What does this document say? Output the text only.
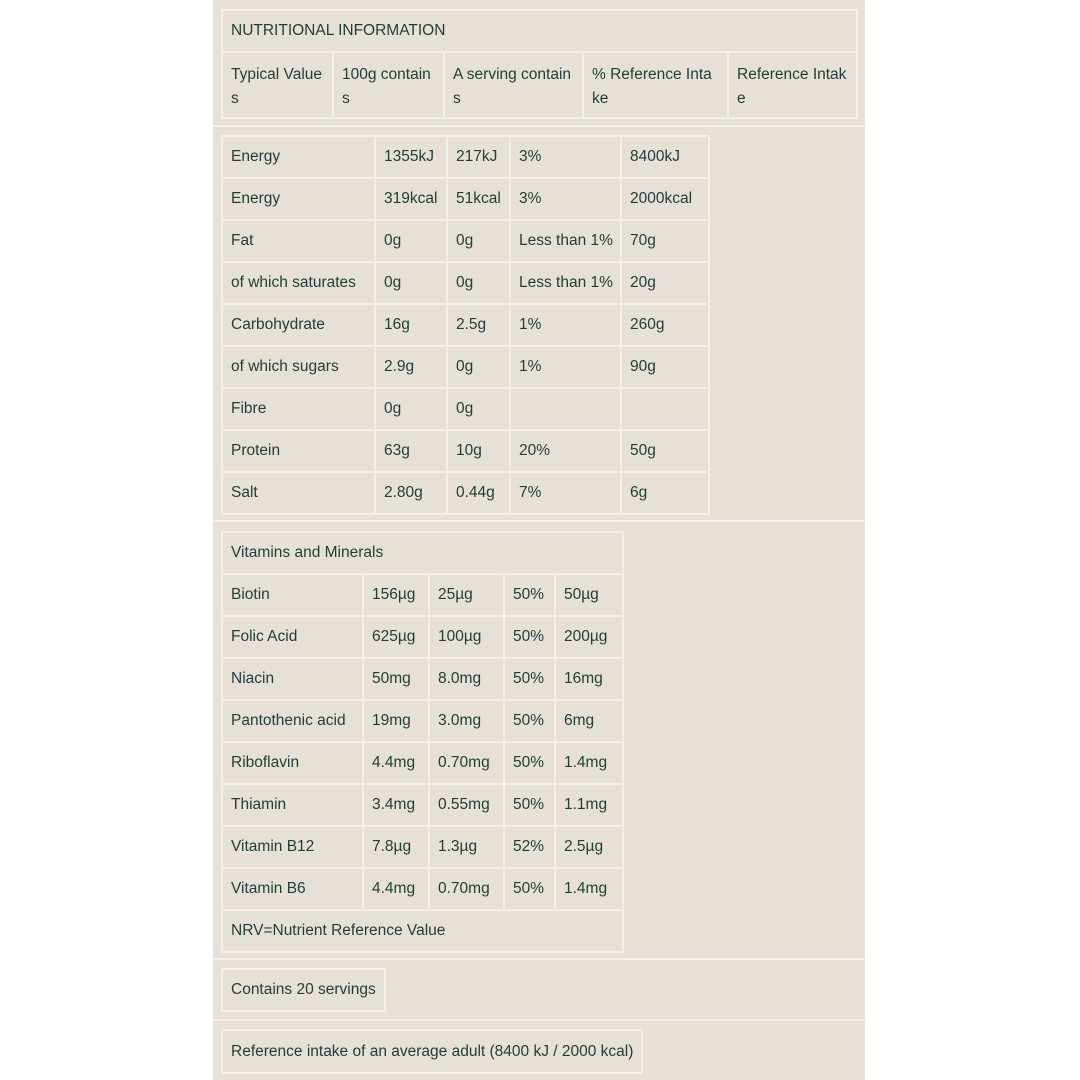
NUTRITIONAL INFORMATION
Typical Values	100g contains	A serving contains	% Reference Intake	Reference Intake
Energy	1355kJ	217kJ	3%	8400kJ
Energy	319kcal	51kcal	3%	2000kcal
Fat	0g	0g	Less than 1%	70g
of which saturates	0g	0g	Less than 1%	20g
Carbohydrate	16g	2.5g	1%	260g
of which sugars	2.9g	0g	1%	90g
Fibre	0g	0g		
Protein	63g	10g	20%	50g
Salt	2.80g	0.44g	7%	6g
Vitamins and Minerals				
Biotin	156µg	25µg	50%	50µg
Folic Acid	625µg	100µg	50%	200µg
Niacin	50mg	8.0mg	50%	16mg
Pantothenic acid	19mg	3.0mg	50%	6mg
Riboflavin	4.4mg	0.70mg	50%	1.4mg
Thiamin	3.4mg	0.55mg	50%	1.1mg
Vitamin B12	7.8µg	1.3µg	52%	2.5µg
Vitamin B6	4.4mg	0.70mg	50%	1.4mg
NRV=Nutrient Reference Value				
Contains 20 servings
Reference intake of an average adult (8400 kJ / 2000 kcal)
